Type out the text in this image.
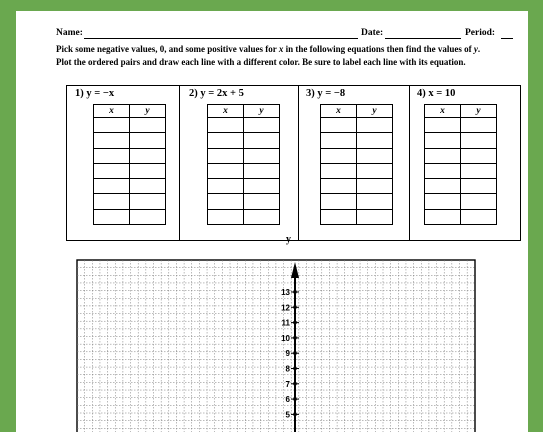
Name:	Date:	Period:
Pick some negative values, 0, and some positive values for x in the following equations then find the values of y.
Plot the ordered pairs and draw each line with a different color. Be sure to label each line with its equation.
1) y = −x
x	y

2) y = 2x + 5
x	y

3) y = −8
x	y

4) x = 10
x	y

y
13
12
11
10
9
8
7
6
5
